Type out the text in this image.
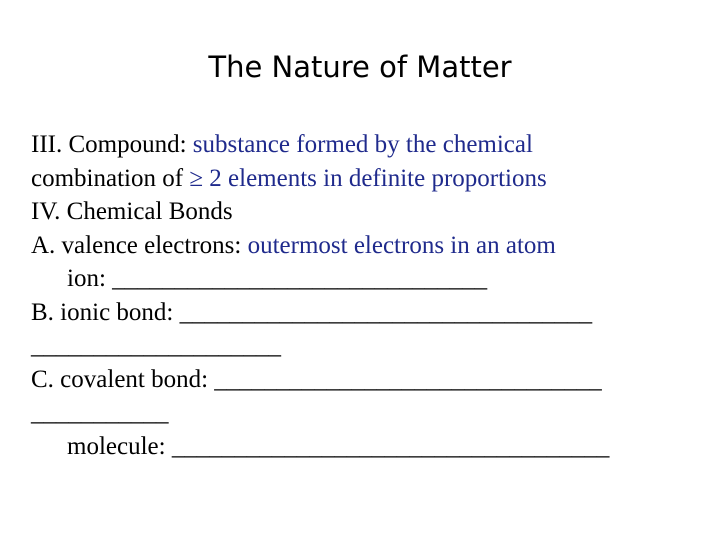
The Nature of Matter
III. Compound: substance formed by the chemical
combination of ≥ 2 elements in definite proportions
IV. Chemical Bonds
A. valence electrons: outermost electrons in an atom
ion: ______________________________
B. ionic bond: _________________________________
____________________
C. covalent bond: _______________________________
___________
molecule: ___________________________________
